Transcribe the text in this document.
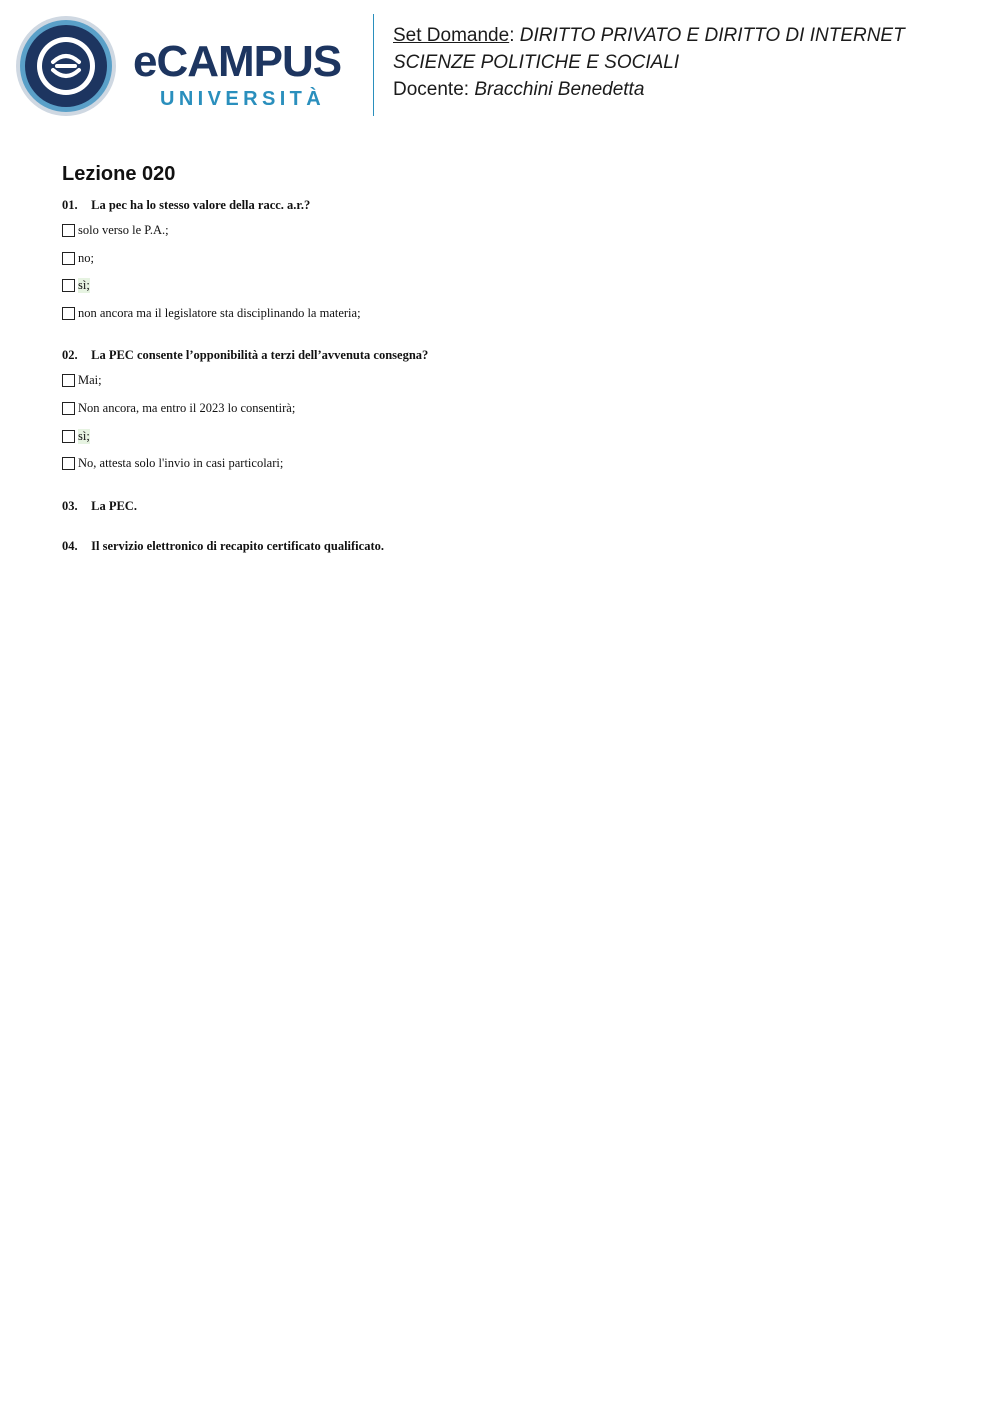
eCAMPUS
UNIVERSITÀ
Set Domande: DIRITTO PRIVATO E DIRITTO DI INTERNET
SCIENZE POLITICHE E SOCIALI
Docente: Bracchini Benedetta
Lezione 020
01. La pec ha lo stesso valore della racc. a.r.?
solo verso le P.A.;
no;
sì;
non ancora ma il legislatore sta disciplinando la materia;
02. La PEC consente l’opponibilità a terzi dell’avvenuta consegna?
Mai;
Non ancora, ma entro il 2023 lo consentirà;
sì;
No, attesta solo l'invio in casi particolari;
03. La PEC.
04. Il servizio elettronico di recapito certificato qualificato.
